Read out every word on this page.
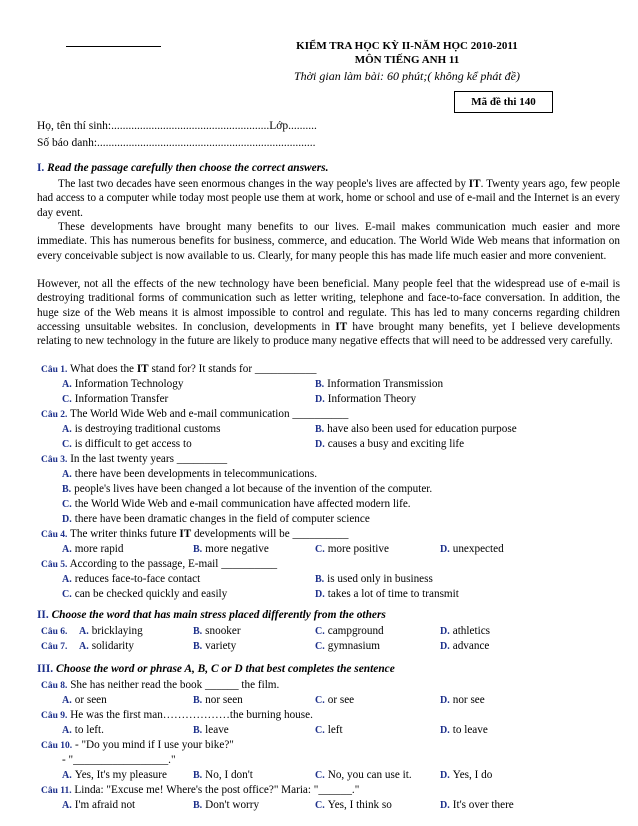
KIỂM TRA HỌC KỲ II-NĂM HỌC 2010-2011
MÔN TIẾNG ANH 11
Thời gian làm bài: 60 phút;( không kể phát đề)
Mã đề thi 140
Họ, tên thí sinh:.......................................................Lớp..........
Số báo danh:............................................................................
I. Read the passage carefully then choose the correct answers.
The last two decades have seen enormous changes in the way people's lives are affected by IT. Twenty years ago, few people had access to a computer while today most people use them at work, home or school and use of e-mail and the Internet is an every day event.
These developments have brought many benefits to our lives. E-mail makes communication much easier and more immediate. This has numerous benefits for business, commerce, and education. The World Wide Web means that information on every conceivable subject is now available to us. Clearly, for many people this has made life much easier and more convenient.
However, not all the effects of the new technology have been beneficial. Many people feel that the widespread use of e-mail is destroying traditional forms of communication such as letter writing, telephone and face-to-face conversation. In addition, the huge size of the Web means it is almost impossible to control and regulate. This has led to many concerns regarding children accessing unsuitable websites. In conclusion, developments in IT have brought many benefits, yet I believe developments relating to new technology in the future are likely to produce many negative effects that will need to be addressed very carefully.
Câu 1. What does the IT stand for? It stands for ___________
A. Information Technology	B. Information Transmission
C. Information Transfer	D. Information Theory
Câu 2. The World Wide Web and e-mail communication __________
A. is destroying traditional customs	B. have also been used for education purpose
C. is difficult to get access to	D. causes a busy and exciting life
Câu 3. In the last twenty years _________
A. there have been developments in telecommunications.
B. people's lives have been changed a lot because of the invention of the computer.
C. the World Wide Web and e-mail communication have affected modern life.
D. there have been dramatic changes in the field of computer science
Câu 4. The writer thinks future IT developments will be __________
A. more rapid	B. more negative	C. more positive	D. unexpected
Câu 5. According to the passage, E-mail __________
A. reduces face-to-face contact	B. is used only in business
C. can be checked quickly and easily	D. takes a lot of time to transmit
II. Choose the word that has main stress placed differently from the others
Câu 6. A. bricklaying	B. snooker	C. campground	D. athletics
Câu 7. A. solidarity	B. variety	C. gymnasium	D. advance
III. Choose the word or phrase A, B, C or D that best completes the sentence
Câu 8. She has neither read the book ______ the film.
A. or seen	B. nor seen	C. or see	D. nor see
Câu 9. He was the first man………………the burning house.
A. to left.	B. leave	C. left	D. to leave
Câu 10. - "Do you mind if I use your bike?"
- "_________________."
A. Yes, It's my pleasure	B. No, I don't	C. No, you can use it.	D. Yes, I do
Câu 11. Linda: "Excuse me! Where's the post office?" Maria: "______."
A. I'm afraid not	B. Don't worry	C. Yes, I think so	D. It's over there
